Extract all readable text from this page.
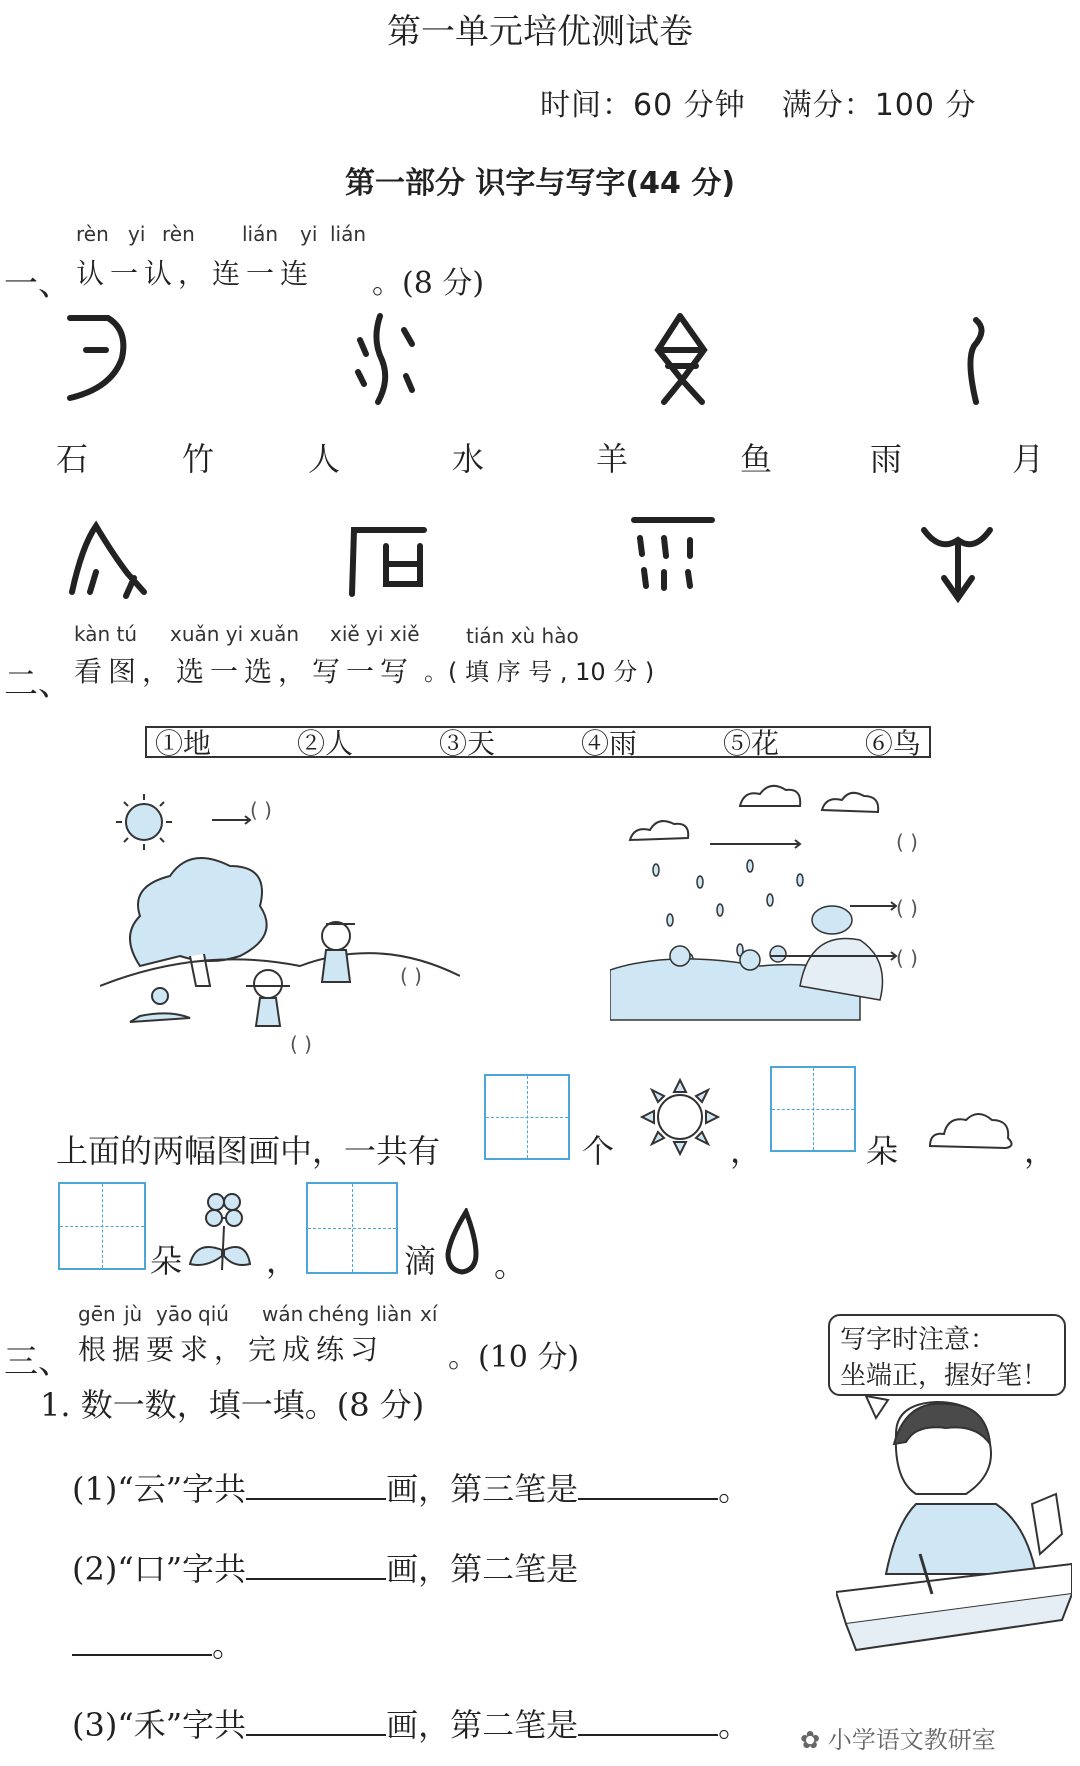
第一单元培优测试卷
时间：60 分钟 满分：100 分
第一部分 识字与写字(44 分)
rèn yi rèn lián yi lián
一、 认一认，连一连 。(8 分)
石	竹	人	水	羊	鱼	雨	月
kàn tú xuǎn yi xuǎn xiě yi xiě tián xù hào
二、 看图，选一选，写一写 。( 填 序 号 , 10 分 )
①地	②人	③天	④雨	⑤花	⑥鸟
( )
( )
( )
( )
( )
( )
上面的两幅图画中，一共有	个	，	朵	，
朵	，	滴 。
gēn jù yāo qiú wán chéng liàn xí
三、 根据要求，完成练习 。(10 分)	写字时注意：
坐端正，握好笔！
1. 数一数，填一填。(8 分)
(1)“云”字共	画，第三笔是	。
(2)“口”字共	画，第二笔是
。
(3)“禾”字共	画，第二笔是	。 ✿ 小学语文教研室
